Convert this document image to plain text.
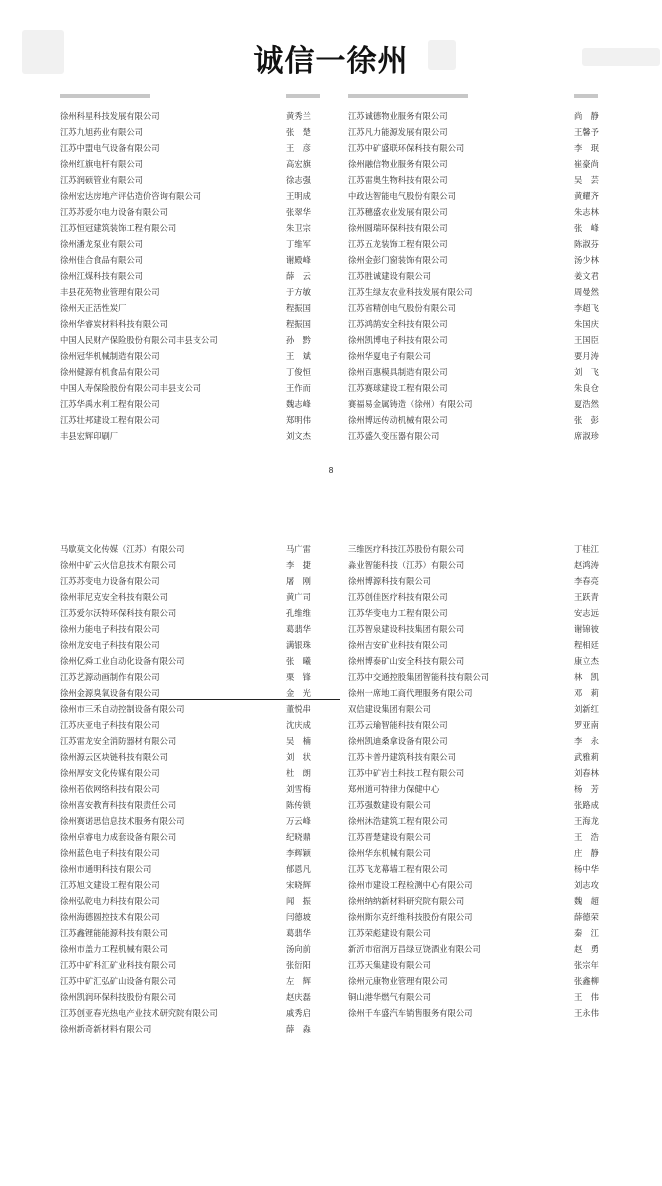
诚信一徐州
徐州科星科技发展有限公司	黄秀兰	江苏诚德物业服务有限公司	尚　静
江苏九旭药业有限公司	张　楚	江苏凡力能源发展有限公司	王馨予
江苏中盟电气设备有限公司	王　彦	江苏中矿盛联环保科技有限公司	李　珉
徐州红旗电杆有限公司	高宏旗	徐州融信物业服务有限公司	崔豪尚
江苏润硕管业有限公司	徐志强	江苏雷奥生物科技有限公司	吴　芸
徐州宏达房地产评估造价咨询有限公司	王明成	中政达智能电气股份有限公司	黄耀齐
江苏苏爱尔电力设备有限公司	张翠华	江苏穗盛农业发展有限公司	朱志林
江苏恒冠建筑装饰工程有限公司	朱卫宗	徐州圆瑞环保科技有限公司	张　峰
徐州潘龙泵业有限公司	丁维军	江苏五龙装饰工程有限公司	陈淑芬
徐州佳合食品有限公司	谢殿峰	徐州金彭门窗装饰有限公司	汤少林
徐州江煤科技有限公司	薛　云	江苏胜诚建设有限公司	姜文君
丰县花苑物业管理有限公司	于方敏	江苏生绿友农业科技发展有限公司	周曼然
徐州天正活性炭厂	程振国	江苏省精创电气股份有限公司	李超飞
徐州华睿炭材料科技有限公司	程振国	江苏鸿鹄安全科技有限公司	朱国庆
中国人民财产保险股份有限公司丰县支公司	孙　黔	徐州凯博电子科技有限公司	王国臣
徐州冠华机械制造有限公司	王　斌	徐州华夏电子有限公司	要月涛
徐州健源有机食品有限公司	丁俊恒	徐州百惠模具制造有限公司	刘　飞
中国人寿保险股份有限公司丰县支公司	王作而	江苏赛球建设工程有限公司	朱良仓
江苏华禹水利工程有限公司	魏志峰	赛福易金属铸造（徐州）有限公司	夏浩然
江苏壮邦建设工程有限公司	郑明伟	徐州博远传动机械有限公司	张　彭
丰县宏辉印刷厂	刘文杰	江苏盛久变压器有限公司	席淑珍
8
马歇莫文化传媒（江苏）有限公司	马广雷	三维医疗科技江苏股份有限公司	丁桂江
徐州中矿云火信息技术有限公司	李　捷	淼业智能科技（江苏）有限公司	赵鸿涛
江苏苏变电力设备有限公司	屠　刚	徐州博源科技有限公司	李春亮
徐州菲尼克安全科技有限公司	黄广司	江苏创佳医疗科技有限公司	王跃青
江苏爱尔沃特环保科技有限公司	孔维维	江苏华变电力工程有限公司	安志远
徐州力能电子科技有限公司	葛翡华	江苏智泉建设科技集团有限公司	谢锦彼
徐州龙安电子科技有限公司	满银珠	徐州吉安矿业科技有限公司	程相廷
徐州亿舜工业自动化设备有限公司	张　曦	徐州博泰矿山安全科技有限公司	康立杰
江苏艺源动画制作有限公司	栗　锋	江苏中交通控股集团智能科技有限公司	林　凯
徐州金源臭氧设备有限公司	金　光	徐州一席地工商代理服务有限公司	邓　莉
徐州市三禾自动控制设备有限公司	董悦串	双信建设集团有限公司	刘新红
江苏庆亚电子科技有限公司	沈庆成	江苏云瑜智能科技有限公司	罗亚南
江苏雷龙安全消防器材有限公司	吴　楠	徐州凯迪桑拿设备有限公司	李　永
徐州源云区块链科技有限公司	刘　状	江苏卡普丹建筑科技有限公司	武雅莉
徐州厚安文化传媒有限公司	杜　朗	江苏中矿岩土科技工程有限公司	刘春林
徐州若依网络科技有限公司	刘雪梅	郑州道可特律力保健中心	杨　芳
徐州喜安教育科技有限责任公司	陈传锁	江苏强数建设有限公司	张路成
徐州赛诺思信息技术服务有限公司	万云峰	徐州沐浩建筑工程有限公司	王海龙
徐州卓睿电力成套设备有限公司	纪晓鼎	江苏晋楚建设有限公司	王　浩
徐州蓝色电子科技有限公司	李辉颖	徐州华东机械有限公司	庄　静
徐州市通明科技有限公司	郁恩凡	江苏飞龙幕墙工程有限公司	杨中华
江苏旭文建设工程有限公司	宋晓辉	徐州市建设工程检测中心有限公司	刘志攻
徐州弘乾电力科技有限公司	闻　振	徐州纳纳新材料研究院有限公司	魏　超
徐州海德圆控技术有限公司	闫德坡	徐州斯尔克纤维科技股份有限公司	薛德荣
江苏鑫锂能能源科技有限公司	葛翡华	江苏荣彪建设有限公司	秦　江
徐州市盖力工程机械有限公司	汤向前	新沂市宿润万昌绿豆饶酒业有限公司	赵　勇
江苏中矿科汇矿业科技有限公司	张衍阳	江苏天集建设有限公司	张宗年
江苏中矿汇弘矿山设备有限公司	左　辉	徐州元康物业管理有限公司	张鑫柳
徐州凯润环保科技股份有限公司	赵庆磊	铜山港华燃气有限公司	王　伟
江苏创亚春光热电产业技术研究院有限公司	戚秀启	徐州千车盛汽车销售服务有限公司	王永伟
徐州新奇新材料有限公司	薛　淼
